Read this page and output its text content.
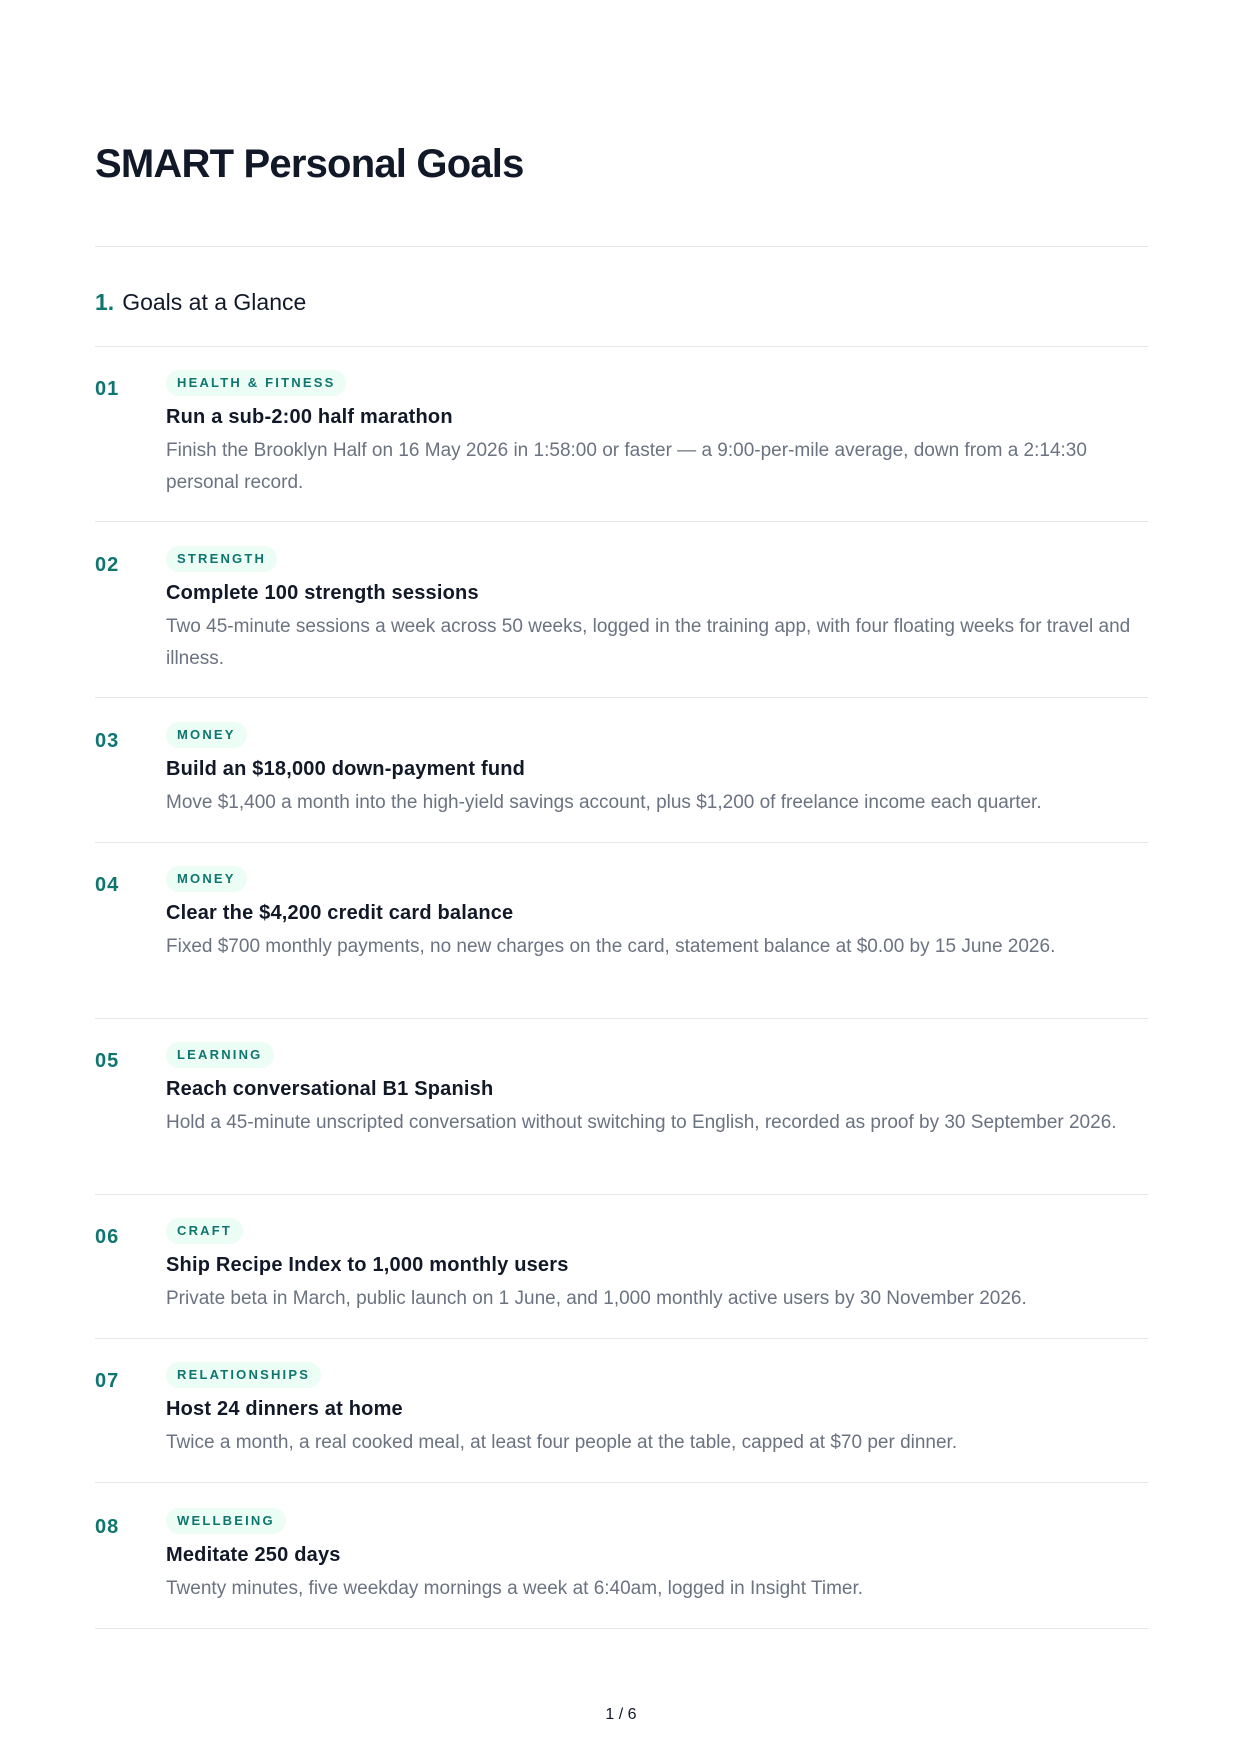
SMART Personal Goals
1. Goals at a Glance
01	HEALTH & FITNESS
Run a sub-2:00 half marathon
Finish the Brooklyn Half on 16 May 2026 in 1:58:00 or faster — a 9:00-per-mile average, down from a 2:14:30 personal record.
02	STRENGTH
Complete 100 strength sessions
Two 45-minute sessions a week across 50 weeks, logged in the training app, with four floating weeks for travel and illness.
03	MONEY
Build an $18,000 down-payment fund
Move $1,400 a month into the high-yield savings account, plus $1,200 of freelance income each quarter.
04	MONEY
Clear the $4,200 credit card balance
Fixed $700 monthly payments, no new charges on the card, statement balance at $0.00 by 15 June 2026.
05	LEARNING
Reach conversational B1 Spanish
Hold a 45-minute unscripted conversation without switching to English, recorded as proof by 30 September 2026.
06	CRAFT
Ship Recipe Index to 1,000 monthly users
Private beta in March, public launch on 1 June, and 1,000 monthly active users by 30 November 2026.
07	RELATIONSHIPS
Host 24 dinners at home
Twice a month, a real cooked meal, at least four people at the table, capped at $70 per dinner.
08	WELLBEING
Meditate 250 days
Twenty minutes, five weekday mornings a week at 6:40am, logged in Insight Timer.
1 / 6
